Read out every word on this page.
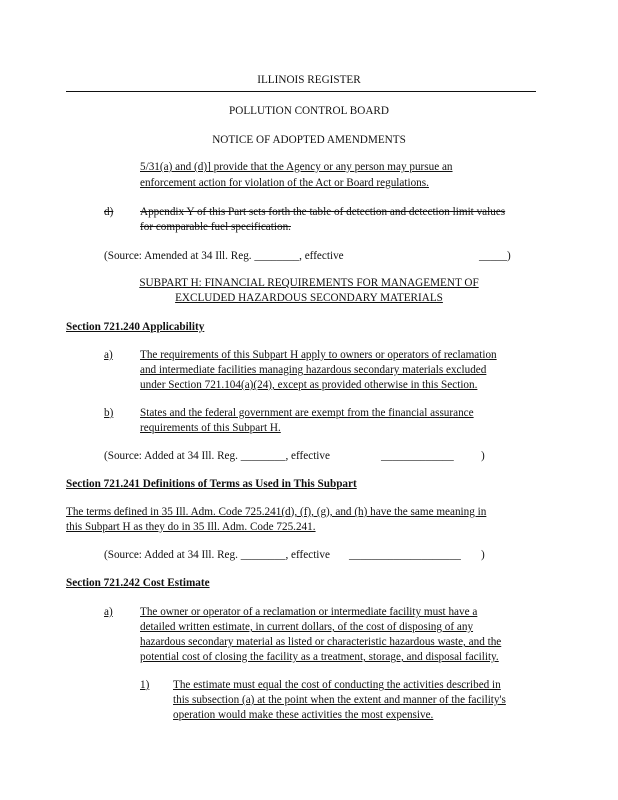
ILLINOIS REGISTER
POLLUTION CONTROL BOARD
NOTICE OF ADOPTED AMENDMENTS
5/31(a) and (d)] provide that the Agency or any person may pursue an
enforcement action for violation of the Act or Board regulations.
d) Appendix Y of this Part sets forth the table of detection and detection limit values
for comparable fuel specification.
(Source: Amended at 34 Ill. Reg. ________, effective	_____)
SUBPART H: FINANCIAL REQUIREMENTS FOR MANAGEMENT OF
EXCLUDED HAZARDOUS SECONDARY MATERIALS
Section 721.240 Applicability
a) The requirements of this Subpart H apply to owners or operators of reclamation
and intermediate facilities managing hazardous secondary materials excluded
under Section 721.104(a)(24), except as provided otherwise in this Section.
b) States and the federal government are exempt from the financial assurance
requirements of this Subpart H.
(Source: Added at 34 Ill. Reg. ________, effective	_____________ )
Section 721.241 Definitions of Terms as Used in This Subpart
The terms defined in 35 Ill. Adm. Code 725.241(d), (f), (g), and (h) have the same meaning in
this Subpart H as they do in 35 Ill. Adm. Code 725.241.
(Source: Added at 34 Ill. Reg. ________, effective ____________________ )
Section 721.242 Cost Estimate
a) The owner or operator of a reclamation or intermediate facility must have a
detailed written estimate, in current dollars, of the cost of disposing of any
hazardous secondary material as listed or characteristic hazardous waste, and the
potential cost of closing the facility as a treatment, storage, and disposal facility.
1) The estimate must equal the cost of conducting the activities described in
this subsection (a) at the point when the extent and manner of the facility's
operation would make these activities the most expensive.
